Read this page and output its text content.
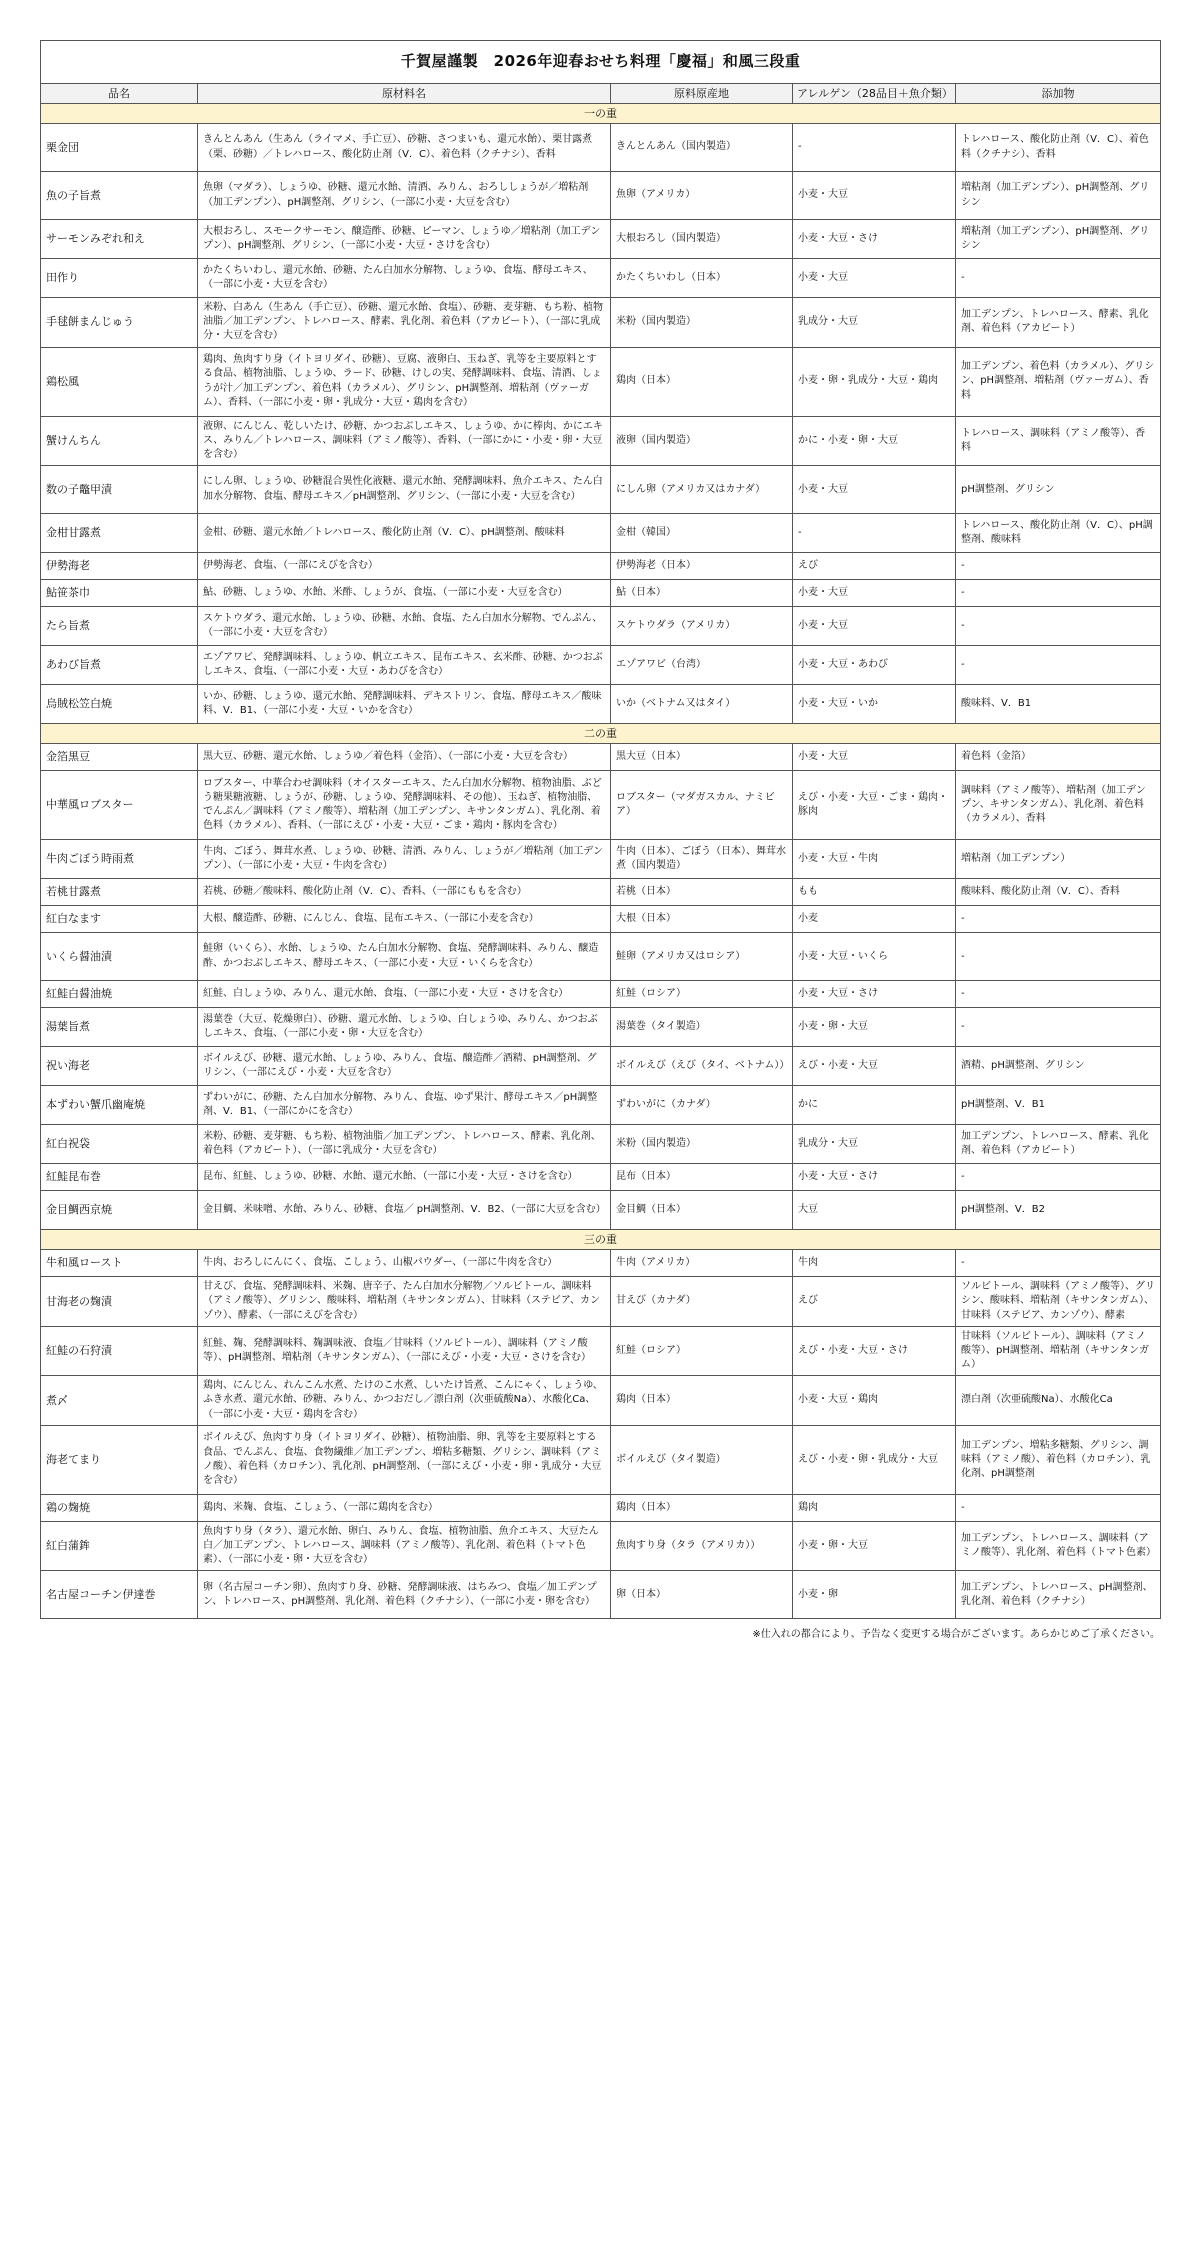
千賀屋謹製　2026年迎春おせち料理「慶福」和風三段重				
品名	原材料名	原料原産地	アレルゲン（28品目＋魚介類）	添加物
一の重				
栗金団	きんとんあん（生あん（ライマメ、手亡豆）、砂糖、さつまいも、還元水飴）、栗甘露煮（栗、砂糖）／トレハロース、酸化防止剤（V．C）、着色料（クチナシ）、香料	きんとんあん（国内製造）	-	トレハロース、酸化防止剤（V．C）、着色料（クチナシ）、香料
魚の子旨煮	魚卵（マダラ）、しょうゆ、砂糖、還元水飴、清酒、みりん、おろししょうが／増粘剤（加工デンプン）、pH調整剤、グリシン、（一部に小麦・大豆を含む）	魚卵（アメリカ）	小麦・大豆	増粘剤（加工デンプン）、pH調整剤、グリシン
サーモンみぞれ和え	大根おろし、スモークサーモン、醸造酢、砂糖、ピーマン、しょうゆ／増粘剤（加工デンプン）、pH調整剤、グリシン、（一部に小麦・大豆・さけを含む）	大根おろし（国内製造）	小麦・大豆・さけ	増粘剤（加工デンプン）、pH調整剤、グリシン
田作り	かたくちいわし、還元水飴、砂糖、たん白加水分解物、しょうゆ、食塩、酵母エキス、（一部に小麦・大豆を含む）	かたくちいわし（日本）	小麦・大豆	-
手毬餅まんじゅう	米粉、白あん（生あん（手亡豆）、砂糖、還元水飴、食塩）、砂糖、麦芽糖、もち粉、植物油脂／加工デンプン、トレハロース、酵素、乳化剤、着色料（アカビート）、（一部に乳成分・大豆を含む）	米粉（国内製造）	乳成分・大豆	加工デンプン、トレハロース、酵素、乳化剤、着色料（アカビート）
鶏松風	鶏肉、魚肉すり身（イトヨリダイ、砂糖）、豆腐、液卵白、玉ねぎ、乳等を主要原料とする食品、植物油脂、しょうゆ、ラード、砂糖、けしの実、発酵調味料、食塩、清酒、しょうが汁／加工デンプン、着色料（カラメル）、グリシン、pH調整剤、増粘剤（ヴァーガム）、香料、（一部に小麦・卵・乳成分・大豆・鶏肉を含む）	鶏肉（日本）	小麦・卵・乳成分・大豆・鶏肉	加工デンプン、着色料（カラメル）、グリシン、pH調整剤、増粘剤（ヴァーガム）、香料
蟹けんちん	液卵、にんじん、乾しいたけ、砂糖、かつおぶしエキス、しょうゆ、かに棒肉、かにエキス、みりん／トレハロース、調味料（アミノ酸等）、香料、（一部にかに・小麦・卵・大豆を含む）	液卵（国内製造）	かに・小麦・卵・大豆	トレハロース、調味料（アミノ酸等）、香料
数の子鼈甲漬	にしん卵、しょうゆ、砂糖混合異性化液糖、還元水飴、発酵調味料、魚介エキス、たん白加水分解物、食塩、酵母エキス／pH調整剤、グリシン、（一部に小麦・大豆を含む）	にしん卵（アメリカ又はカナダ）	小麦・大豆	pH調整剤、グリシン
金柑甘露煮	金柑、砂糖、還元水飴／トレハロース、酸化防止剤（V．C）、pH調整剤、酸味料	金柑（韓国）	-	トレハロース、酸化防止剤（V．C）、pH調整剤、酸味料
伊勢海老	伊勢海老、食塩、（一部にえびを含む）	伊勢海老（日本）	えび	-
鮎笹茶巾	鮎、砂糖、しょうゆ、水飴、米酢、しょうが、食塩、（一部に小麦・大豆を含む）	鮎（日本）	小麦・大豆	-
たら旨煮	スケトウダラ、還元水飴、しょうゆ、砂糖、水飴、食塩、たん白加水分解物、でんぷん、（一部に小麦・大豆を含む）	スケトウダラ（アメリカ）	小麦・大豆	-
あわび旨煮	エゾアワビ、発酵調味料、しょうゆ、帆立エキス、昆布エキス、玄米酢、砂糖、かつおぶしエキス、食塩、（一部に小麦・大豆・あわびを含む）	エゾアワビ（台湾）	小麦・大豆・あわび	-
烏賊松笠白焼	いか、砂糖、しょうゆ、還元水飴、発酵調味料、デキストリン、食塩、酵母エキス／酸味料、V．B1、（一部に小麦・大豆・いかを含む）	いか（ベトナム又はタイ）	小麦・大豆・いか	酸味料、V．B1
二の重				
金箔黒豆	黒大豆、砂糖、還元水飴、しょうゆ／着色料（金箔）、（一部に小麦・大豆を含む）	黒大豆（日本）	小麦・大豆	着色料（金箔）
中華風ロブスター	ロブスター、中華合わせ調味料（オイスターエキス、たん白加水分解物、植物油脂、ぶどう糖果糖液糖、しょうが、砂糖、しょうゆ、発酵調味料、その他）、玉ねぎ、植物油脂、でんぷん／調味料（アミノ酸等）、増粘剤（加工デンプン、キサンタンガム）、乳化剤、着色料（カラメル）、香料、（一部にえび・小麦・大豆・ごま・鶏肉・豚肉を含む）	ロブスター（マダガスカル、ナミビア）	えび・小麦・大豆・ごま・鶏肉・豚肉	調味料（アミノ酸等）、増粘剤（加工デンプン、キサンタンガム）、乳化剤、着色料（カラメル）、香料
牛肉ごぼう時雨煮	牛肉、ごぼう、舞茸水煮、しょうゆ、砂糖、清酒、みりん、しょうが／増粘剤（加工デンプン）、（一部に小麦・大豆・牛肉を含む）	牛肉（日本）、ごぼう（日本）、舞茸水煮（国内製造）	小麦・大豆・牛肉	増粘剤（加工デンプン）
若桃甘露煮	若桃、砂糖／酸味料、酸化防止剤（V．C）、香料、（一部にももを含む）	若桃（日本）	もも	酸味料、酸化防止剤（V．C）、香料
紅白なます	大根、醸造酢、砂糖、にんじん、食塩、昆布エキス、（一部に小麦を含む）	大根（日本）	小麦	-
いくら醤油漬	鮭卵（いくら）、水飴、しょうゆ、たん白加水分解物、食塩、発酵調味料、みりん、醸造酢、かつおぶしエキス、酵母エキス、（一部に小麦・大豆・いくらを含む）	鮭卵（アメリカ又はロシア）	小麦・大豆・いくら	-
紅鮭白醤油焼	紅鮭、白しょうゆ、みりん、還元水飴、食塩、（一部に小麦・大豆・さけを含む）	紅鮭（ロシア）	小麦・大豆・さけ	-
湯葉旨煮	湯葉巻（大豆、乾燥卵白）、砂糖、還元水飴、しょうゆ、白しょうゆ、みりん、かつおぶしエキス、食塩、（一部に小麦・卵・大豆を含む）	湯葉巻（タイ製造）	小麦・卵・大豆	-
祝い海老	ボイルえび、砂糖、還元水飴、しょうゆ、みりん、食塩、醸造酢／酒精、pH調整剤、グリシン、（一部にえび・小麦・大豆を含む）	ボイルえび（えび（タイ、ベトナム））	えび・小麦・大豆	酒精、pH調整剤、グリシン
本ずわい蟹爪幽庵焼	ずわいがに、砂糖、たん白加水分解物、みりん、食塩、ゆず果汁、酵母エキス／pH調整剤、V．B1、（一部にかにを含む）	ずわいがに（カナダ）	かに	pH調整剤、V．B1
紅白祝袋	米粉、砂糖、麦芽糖、もち粉、植物油脂／加工デンプン、トレハロース、酵素、乳化剤、着色料（アカビート）、（一部に乳成分・大豆を含む）	米粉（国内製造）	乳成分・大豆	加工デンプン、トレハロース、酵素、乳化剤、着色料（アカビート）
紅鮭昆布巻	昆布、紅鮭、しょうゆ、砂糖、水飴、還元水飴、（一部に小麦・大豆・さけを含む）	昆布（日本）	小麦・大豆・さけ	-
金目鯛西京焼	金目鯛、米味噌、水飴、みりん、砂糖、食塩／ pH調整剤、V．B2、（一部に大豆を含む）	金目鯛（日本）	大豆	pH調整剤、V．B2
三の重				
牛和風ロースト	牛肉、おろしにんにく、食塩、こしょう、山椒パウダー、（一部に牛肉を含む）	牛肉（アメリカ）	牛肉	-
甘海老の麹漬	甘えび、食塩、発酵調味料、米麹、唐辛子、たん白加水分解物／ソルビトール、調味料（アミノ酸等）、グリシン、酸味料、増粘剤（キサンタンガム）、甘味料（ステビア、カンゾウ）、酵素、（一部にえびを含む）	甘えび（カナダ）	えび	ソルビトール、調味料（アミノ酸等）、グリシン、酸味料、増粘剤（キサンタンガム）、甘味料（ステビア、カンゾウ）、酵素
紅鮭の石狩漬	紅鮭、麹、発酵調味料、麹調味液、食塩／甘味料（ソルビトール）、調味料（アミノ酸等）、pH調整剤、増粘剤（キサンタンガム）、（一部にえび・小麦・大豆・さけを含む）	紅鮭（ロシア）	えび・小麦・大豆・さけ	甘味料（ソルビトール）、調味料（アミノ酸等）、pH調整剤、増粘剤（キサンタンガム）
煮〆	鶏肉、にんじん、れんこん水煮、たけのこ水煮、しいたけ旨煮、こんにゃく、しょうゆ、ふき水煮、還元水飴、砂糖、みりん、かつおだし／漂白剤（次亜硫酸Na）、水酸化Ca、（一部に小麦・大豆・鶏肉を含む）	鶏肉（日本）	小麦・大豆・鶏肉	漂白剤（次亜硫酸Na）、水酸化Ca
海老てまり	ボイルえび、魚肉すり身（イトヨリダイ、砂糖）、植物油脂、卵、乳等を主要原料とする食品、でんぷん、食塩、食物繊維／加工デンプン、増粘多糖類、グリシン、調味料（アミノ酸）、着色料（カロチン）、乳化剤、pH調整剤、（一部にえび・小麦・卵・乳成分・大豆を含む）	ボイルえび（タイ製造）	えび・小麦・卵・乳成分・大豆	加工デンプン、増粘多糖類、グリシン、調味料（アミノ酸）、着色料（カロチン）、乳化剤、pH調整剤
鶏の麹焼	鶏肉、米麹、食塩、こしょう、（一部に鶏肉を含む）	鶏肉（日本）	鶏肉	-
紅白蒲鉾	魚肉すり身（タラ）、還元水飴、卵白、みりん、食塩、植物油脂、魚介エキス、大豆たん白／加工デンプン、トレハロース、調味料（アミノ酸等）、乳化剤、着色料（トマト色素）、（一部に小麦・卵・大豆を含む）	魚肉すり身（タラ（アメリカ））	小麦・卵・大豆	加工デンプン、トレハロース、調味料（アミノ酸等）、乳化剤、着色料（トマト色素）
名古屋コーチン伊達巻	卵（名古屋コーチン卵）、魚肉すり身、砂糖、発酵調味液、はちみつ、食塩／加工デンプン、トレハロース、pH調整剤、乳化剤、着色料（クチナシ）、（一部に小麦・卵を含む）	卵（日本）	小麦・卵	加工デンプン、トレハロース、pH調整剤、乳化剤、着色料（クチナシ）
※仕入れの都合により、予告なく変更する場合がございます。あらかじめご了承ください。
